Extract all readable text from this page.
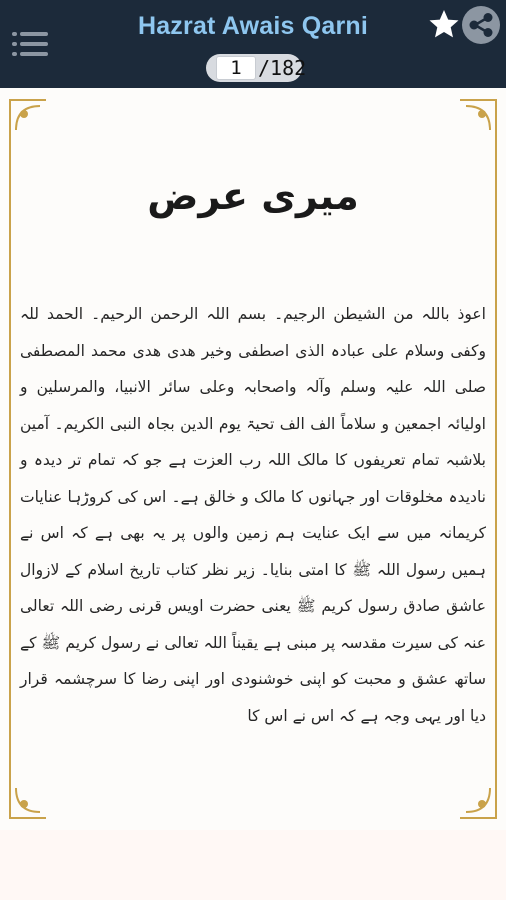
Hazrat Awais Qarni
1 /182
میری عرض

اعوذ باللہ من الشیطن الرجیم۔ بسم اللہ الرحمن الرحیم۔ الحمد للہ وکفی وسلام علی عبادہ الذی اصطفی وخیر ھدی ھدی محمد المصطفی صلی اللہ علیہ وسلم وآلہ واصحابہ وعلی سائر الانبیا، والمرسلین و اولیائہ اجمعین و سلاماً الف الف تحیۃ یوم الدین بجاہ النبی الکریم۔ آمین بلاشبہ تمام تعریفوں کا مالک اللہ رب العزت ہے جو کہ تمام تر دیدہ و نادیدہ مخلوقات اور جہانوں کا مالک و خالق ہے۔ اس کی کروڑہا عنایات کریمانہ میں سے ایک عنایت ہم زمین والوں پر یہ بھی ہے کہ اس نے ہمیں رسول اللہ ﷺ کا امتی بنایا۔ زیر نظر کتاب تاریخ اسلام کے لازوال عاشق صادق رسول کریم ﷺ یعنی حضرت اویس قرنی رضی اللہ تعالی عنہ کی سیرت مقدسہ پر مبنی ہے یقیناً اللہ تعالی نے رسول کریم ﷺ کے ساتھ عشق و محبت کو اپنی خوشنودی اور اپنی رضا کا سرچشمہ قرار دیا اور یہی وجہ ہے کہ اس نے اس کا
